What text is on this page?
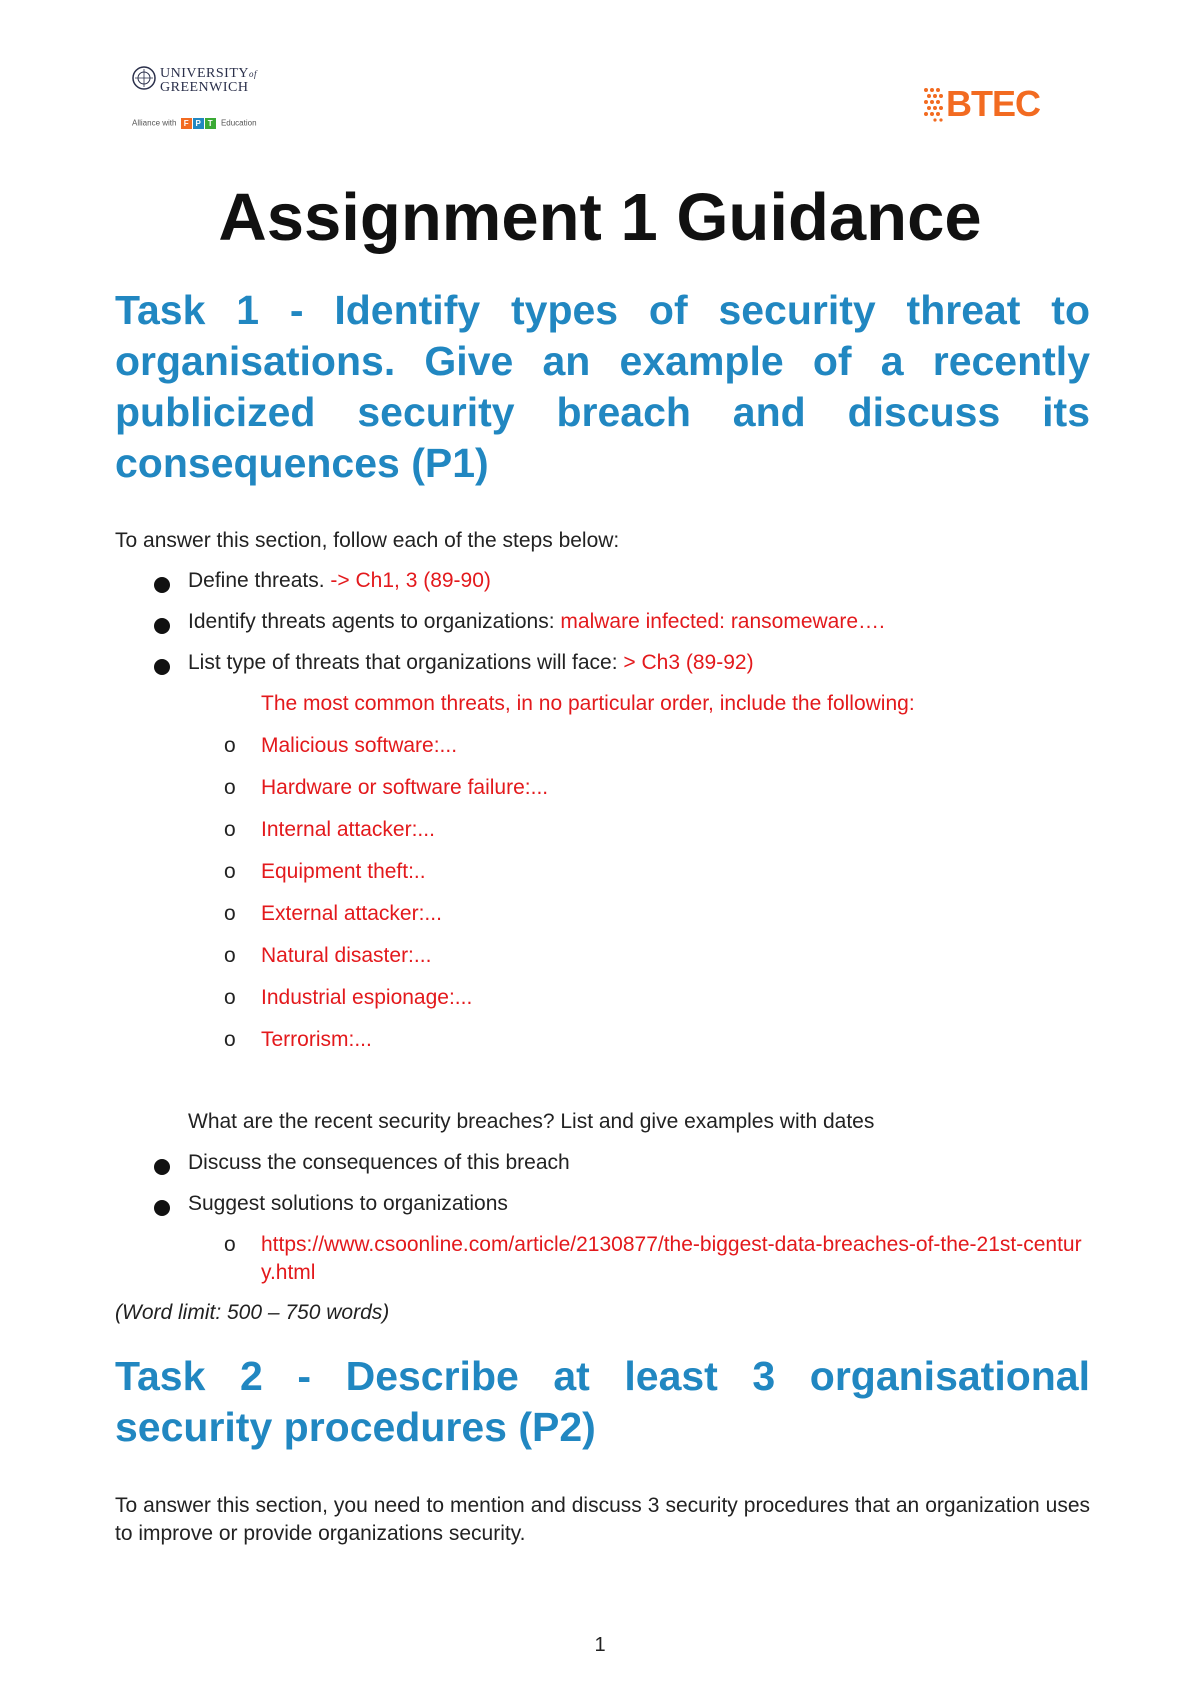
UNIVERSITYof
GREENWICH
Alliance with F P T Education	BTEC
Assignment 1 Guidance
Task 1 - Identify types of security threat to organisations. Give an example of a recently publicized security breach and discuss its consequences (P1)

To answer this section, follow each of the steps below:

Define threats. -> Ch1, 3 (89-90)
Identify threats agents to organizations: malware infected: ransomeware….
List type of threats that organizations will face: > Ch3 (89-92)
The most common threats, in no particular order, include the following:
o Malicious software:...
o Hardware or software failure:...
o Internal attacker:...
o Equipment theft:..
o External attacker:...
o Natural disaster:...
o Industrial espionage:...
o Terrorism:...
What are the recent security breaches? List and give examples with dates
Discuss the consequences of this breach
Suggest solutions to organizations
o https://www.csoonline.com/article/2130877/the-biggest-data-breaches-of-the-21st-century.html

(Word limit: 500 – 750 words)

Task 2 - Describe at least 3 organisational security procedures (P2)

To answer this section, you need to mention and discuss 3 security procedures that an organization uses to improve or provide organizations security.

1
